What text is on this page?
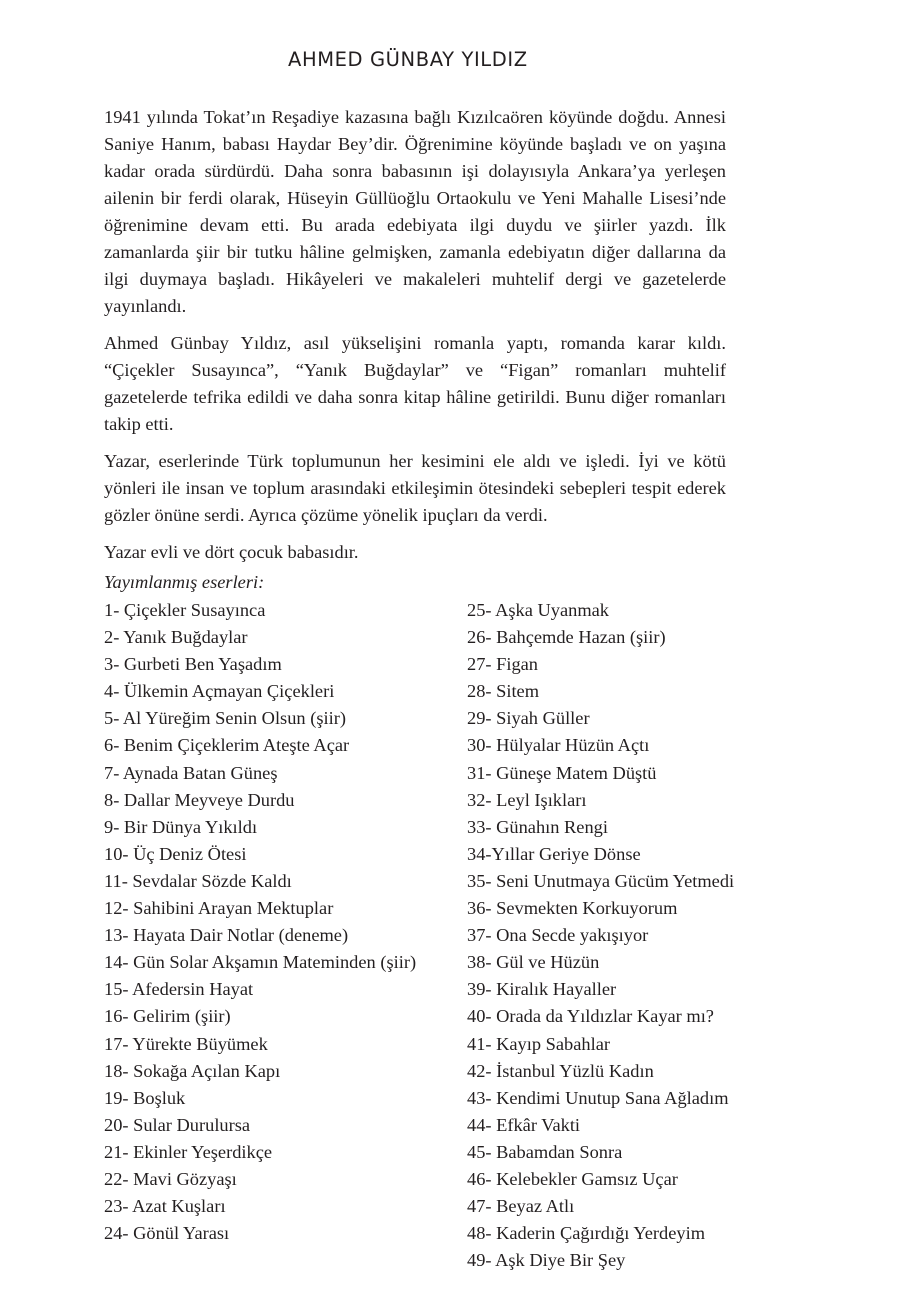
AHMED GÜNBAY YILDIZ

1941 yılında Tokat’ın Reşadiye kazasına bağlı Kızılcaören köyünde doğdu. Annesi Saniye Hanım, babası Haydar Bey’dir. Öğrenimine köyünde başladı ve on yaşına kadar orada sürdürdü. Daha sonra babasının işi dolayısıyla Ankara’ya yerleşen ailenin bir ferdi olarak, Hüseyin Güllüoğlu Ortaokulu ve Yeni Mahalle Lisesi’nde öğrenimine devam etti. Bu arada edebiyata ilgi duydu ve şiirler yazdı. İlk zamanlarda şiir bir tutku hâline gelmişken, zamanla edebiyatın diğer dallarına da ilgi duymaya başladı. Hikâyeleri ve makaleleri muhtelif dergi ve gazetelerde yayınlandı.

Ahmed Günbay Yıldız, asıl yükselişini romanla yaptı, romanda karar kıldı. “Çiçekler Susayınca”, “Yanık Buğdaylar” ve “Figan” romanları muhtelif gazetelerde tefrika edildi ve daha sonra kitap hâline getirildi. Bunu diğer romanları takip etti.

Yazar, eserlerinde Türk toplumunun her kesimini ele aldı ve işledi. İyi ve kötü yönleri ile insan ve toplum arasındaki etkileşimin ötesindeki sebepleri tespit ederek gözler önüne serdi. Ayrıca çözüme yönelik ipuçları da verdi.

Yazar evli ve dört çocuk babasıdır.

Yayımlanmış eserleri:
1- Çiçekler Susayınca
2- Yanık Buğdaylar
3- Gurbeti Ben Yaşadım
4- Ülkemin Açmayan Çiçekleri
5- Al Yüreğim Senin Olsun (şiir)
6- Benim Çiçeklerim Ateşte Açar
7- Aynada Batan Güneş
8- Dallar Meyveye Durdu
9- Bir Dünya Yıkıldı
10- Üç Deniz Ötesi
11- Sevdalar Sözde Kaldı
12- Sahibini Arayan Mektuplar
13- Hayata Dair Notlar (deneme)
14- Gün Solar Akşamın Mateminden (şiir)
15- Afedersin Hayat
16- Gelirim (şiir)
17- Yürekte Büyümek
18- Sokağa Açılan Kapı
19- Boşluk
20- Sular Durulursa
21- Ekinler Yeşerdikçe
22- Mavi Gözyaşı
23- Azat Kuşları
24- Gönül Yarası
25- Aşka Uyanmak
26- Bahçemde Hazan (şiir)
27- Figan
28- Sitem
29- Siyah Güller
30- Hülyalar Hüzün Açtı
31- Güneşe Matem Düştü
32- Leyl Işıkları
33- Günahın Rengi
34-Yıllar Geriye Dönse
35- Seni Unutmaya Gücüm Yetmedi
36- Sevmekten Korkuyorum
37- Ona Secde yakışıyor
38- Gül ve Hüzün
39- Kiralık Hayaller
40- Orada da Yıldızlar Kayar mı?
41- Kayıp Sabahlar
42- İstanbul Yüzlü Kadın
43- Kendimi Unutup Sana Ağladım
44- Efkâr Vakti
45- Babamdan Sonra
46- Kelebekler Gamsız Uçar
47- Beyaz Atlı
48- Kaderin Çağırdığı Yerdeyim
49- Aşk Diye Bir Şey
